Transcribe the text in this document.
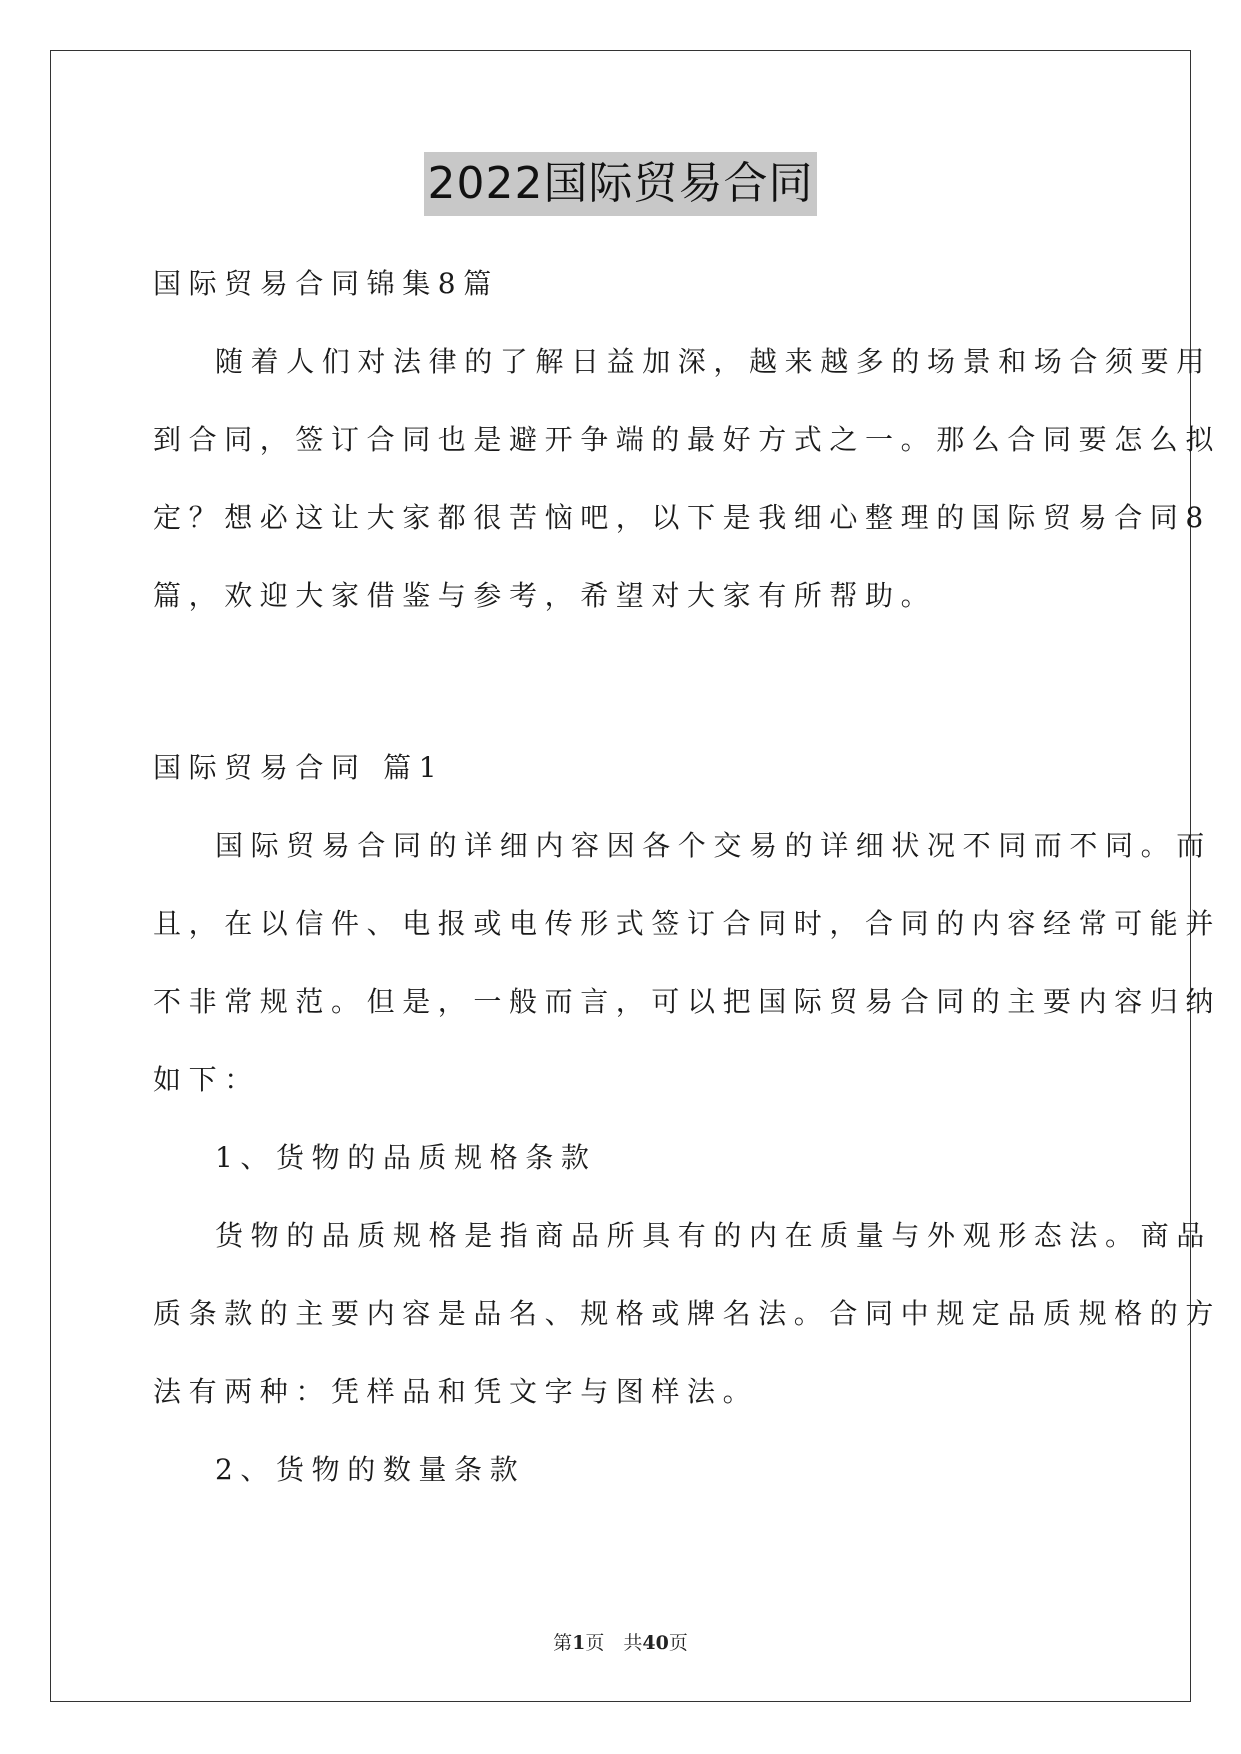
2022国际贸易合同
国际贸易合同锦集8篇
随着人们对法律的了解日益加深，越来越多的场景和场合须要用
到合同，签订合同也是避开争端的最好方式之一。那么合同要怎么拟
定？想必这让大家都很苦恼吧，以下是我细心整理的国际贸易合同8
篇，欢迎大家借鉴与参考，希望对大家有所帮助。
国际贸易合同 篇1
国际贸易合同的详细内容因各个交易的详细状况不同而不同。而
且，在以信件、电报或电传形式签订合同时，合同的内容经常可能并
不非常规范。但是，一般而言，可以把国际贸易合同的主要内容归纳
如下：
1、货物的品质规格条款
货物的品质规格是指商品所具有的内在质量与外观形态法。商品
质条款的主要内容是品名、规格或牌名法。合同中规定品质规格的方
法有两种：凭样品和凭文字与图样法。
2、货物的数量条款
第1页　共40页
